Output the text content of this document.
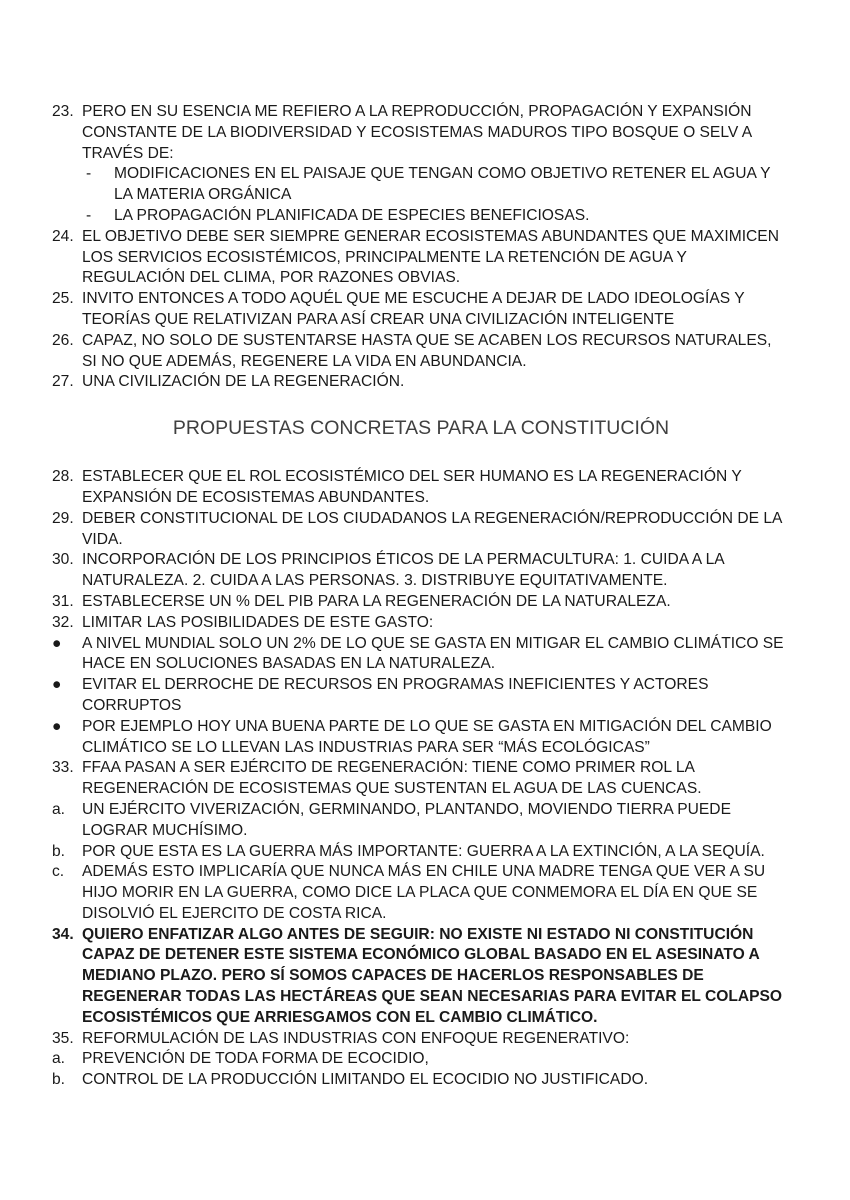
23. PERO EN SU ESENCIA ME REFIERO A LA REPRODUCCIÓN, PROPAGACIÓN Y EXPANSIÓN CONSTANTE DE LA BIODIVERSIDAD Y ECOSISTEMAS MADUROS TIPO BOSQUE O SELV A TRAVÉS DE:
-	MODIFICACIONES EN EL PAISAJE QUE TENGAN COMO OBJETIVO RETENER EL AGUA Y LA MATERIA ORGÁNICA
-	LA PROPAGACIÓN PLANIFICADA DE ESPECIES BENEFICIOSAS.
24. EL OBJETIVO DEBE SER SIEMPRE GENERAR ECOSISTEMAS ABUNDANTES QUE MAXIMICEN LOS SERVICIOS ECOSISTÉMICOS, PRINCIPALMENTE LA RETENCIÓN DE AGUA Y REGULACIÓN DEL CLIMA, POR RAZONES OBVIAS.
25. INVITO ENTONCES A TODO AQUÉL QUE ME ESCUCHE A DEJAR DE LADO IDEOLOGÍAS Y TEORÍAS QUE RELATIVIZAN PARA ASÍ CREAR UNA CIVILIZACIÓN INTELIGENTE
26. CAPAZ, NO SOLO DE SUSTENTARSE HASTA QUE SE ACABEN LOS RECURSOS NATURALES, SI NO QUE ADEMÁS, REGENERE LA VIDA EN ABUNDANCIA.
27. UNA CIVILIZACIÓN DE LA REGENERACIÓN.
PROPUESTAS CONCRETAS PARA LA CONSTITUCIÓN
28. ESTABLECER QUE EL ROL ECOSISTÉMICO DEL SER HUMANO ES LA REGENERACIÓN Y EXPANSIÓN DE ECOSISTEMAS ABUNDANTES.
29. DEBER CONSTITUCIONAL DE LOS CIUDADANOS LA REGENERACIÓN/REPRODUCCIÓN DE LA VIDA.
30. INCORPORACIÓN DE LOS PRINCIPIOS ÉTICOS DE LA PERMACULTURA: 1. CUIDA A LA NATURALEZA. 2. CUIDA A LAS PERSONAS. 3. DISTRIBUYE EQUITATIVAMENTE.
31. ESTABLECERSE UN % DEL PIB PARA LA REGENERACIÓN DE LA NATURALEZA.
32. LIMITAR LAS POSIBILIDADES DE ESTE GASTO:
●	A NIVEL MUNDIAL SOLO UN 2% DE LO QUE SE GASTA EN MITIGAR EL CAMBIO CLIMÁTICO SE HACE EN SOLUCIONES BASADAS EN LA NATURALEZA.
●	EVITAR EL DERROCHE DE RECURSOS EN PROGRAMAS INEFICIENTES Y ACTORES CORRUPTOS
●	POR EJEMPLO HOY UNA BUENA PARTE DE LO QUE SE GASTA EN MITIGACIÓN DEL CAMBIO CLIMÁTICO SE LO LLEVAN LAS INDUSTRIAS PARA SER “MÁS ECOLÓGICAS”
33. FFAA PASAN A SER EJÉRCITO DE REGENERACIÓN: TIENE COMO PRIMER ROL LA REGENERACIÓN DE ECOSISTEMAS QUE SUSTENTAN EL AGUA DE LAS CUENCAS.
a.	UN EJÉRCITO VIVERIZACIÓN, GERMINANDO, PLANTANDO, MOVIENDO TIERRA PUEDE LOGRAR MUCHÍSIMO.
b.	POR QUE ESTA ES LA GUERRA MÁS IMPORTANTE: GUERRA A LA EXTINCIÓN, A LA SEQUÍA.
c.	ADEMÁS ESTO IMPLICARÍA QUE NUNCA MÁS EN CHILE UNA MADRE TENGA QUE VER A SU HIJO MORIR EN LA GUERRA, COMO DICE LA PLACA QUE CONMEMORA EL DÍA EN QUE SE DISOLVIÓ EL EJERCITO DE COSTA RICA.
34. QUIERO ENFATIZAR ALGO ANTES DE SEGUIR: NO EXISTE NI ESTADO NI CONSTITUCIÓN CAPAZ DE DETENER ESTE SISTEMA ECONÓMICO GLOBAL BASADO EN EL ASESINATO A MEDIANO PLAZO. PERO SÍ SOMOS CAPACES DE HACERLOS RESPONSABLES DE REGENERAR TODAS LAS HECTÁREAS QUE SEAN NECESARIAS PARA EVITAR EL COLAPSO ECOSISTÉMICOS QUE ARRIESGAMOS CON EL CAMBIO CLIMÁTICO.
35. REFORMULACIÓN DE LAS INDUSTRIAS CON ENFOQUE REGENERATIVO:
a.	PREVENCIÓN DE TODA FORMA DE ECOCIDIO,
b.	CONTROL DE LA PRODUCCIÓN LIMITANDO EL ECOCIDIO NO JUSTIFICADO.
